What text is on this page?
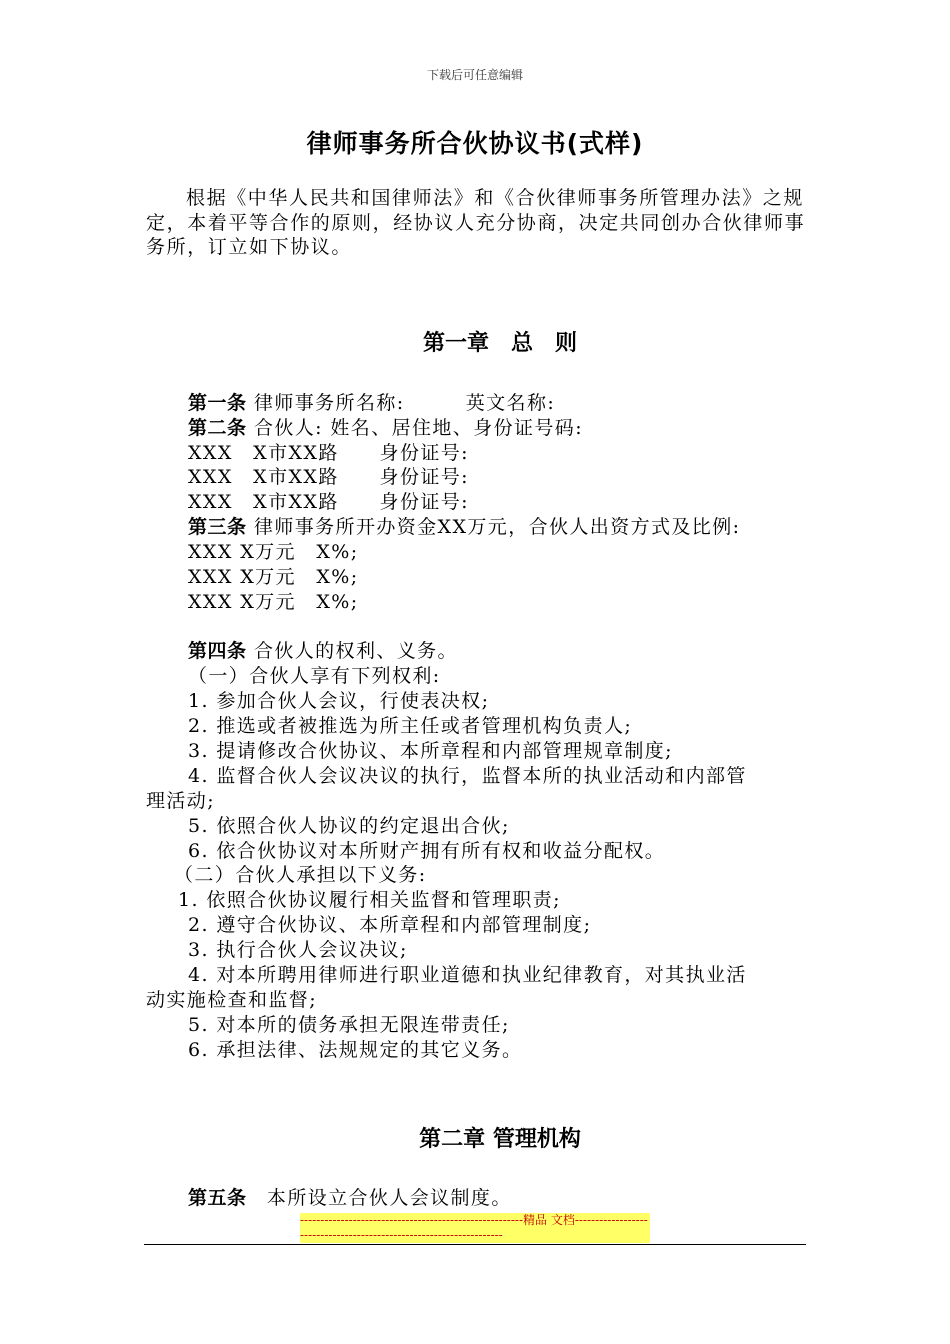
下载后可任意编辑
律师事务所合伙协议书(式样)
根据《中华人民共和国律师法》和《合伙律师事务所管理办法》之规定，本着平等合作的原则，经协议人充分协商，决定共同创办合伙律师事务所，订立如下协议。
第一章　总　则
第一条 律师事务所名称:　　　英文名称:
第二条 合伙人: 姓名、居住地、身份证号码:
XXX　X市XX路　　身份证号:
XXX　X市XX路　　身份证号:
XXX　X市XX路　　身份证号:
第三条 律师事务所开办资金XX万元，合伙人出资方式及比例:
XXX X万元　X%;
XXX X万元　X%;
XXX X万元　X%;
第四条 合伙人的权利、义务。
（一）合伙人享有下列权利:
1. 参加合伙人会议，行使表决权;
2. 推选或者被推选为所主任或者管理机构负责人;
3. 提请修改合伙协议、本所章程和内部管理规章制度;
4. 监督合伙人会议决议的执行，监督本所的执业活动和内部管
理活动;
5. 依照合伙人协议的约定退出合伙;
6. 依合伙协议对本所财产拥有所有权和收益分配权。
（二）合伙人承担以下义务:
1. 依照合伙协议履行相关监督和管理职责;
2. 遵守合伙协议、本所章程和内部管理制度;
3. 执行合伙人会议决议;
4. 对本所聘用律师进行职业道德和执业纪律教育，对其执业活
动实施检查和监督;
5. 对本所的债务承担无限连带责任;
6. 承担法律、法规规定的其它义务。
第二章 管理机构
第五条　本所设立合伙人会议制度。
-------------------------------------------------------精品 文档--------------------------------------------------------------------
